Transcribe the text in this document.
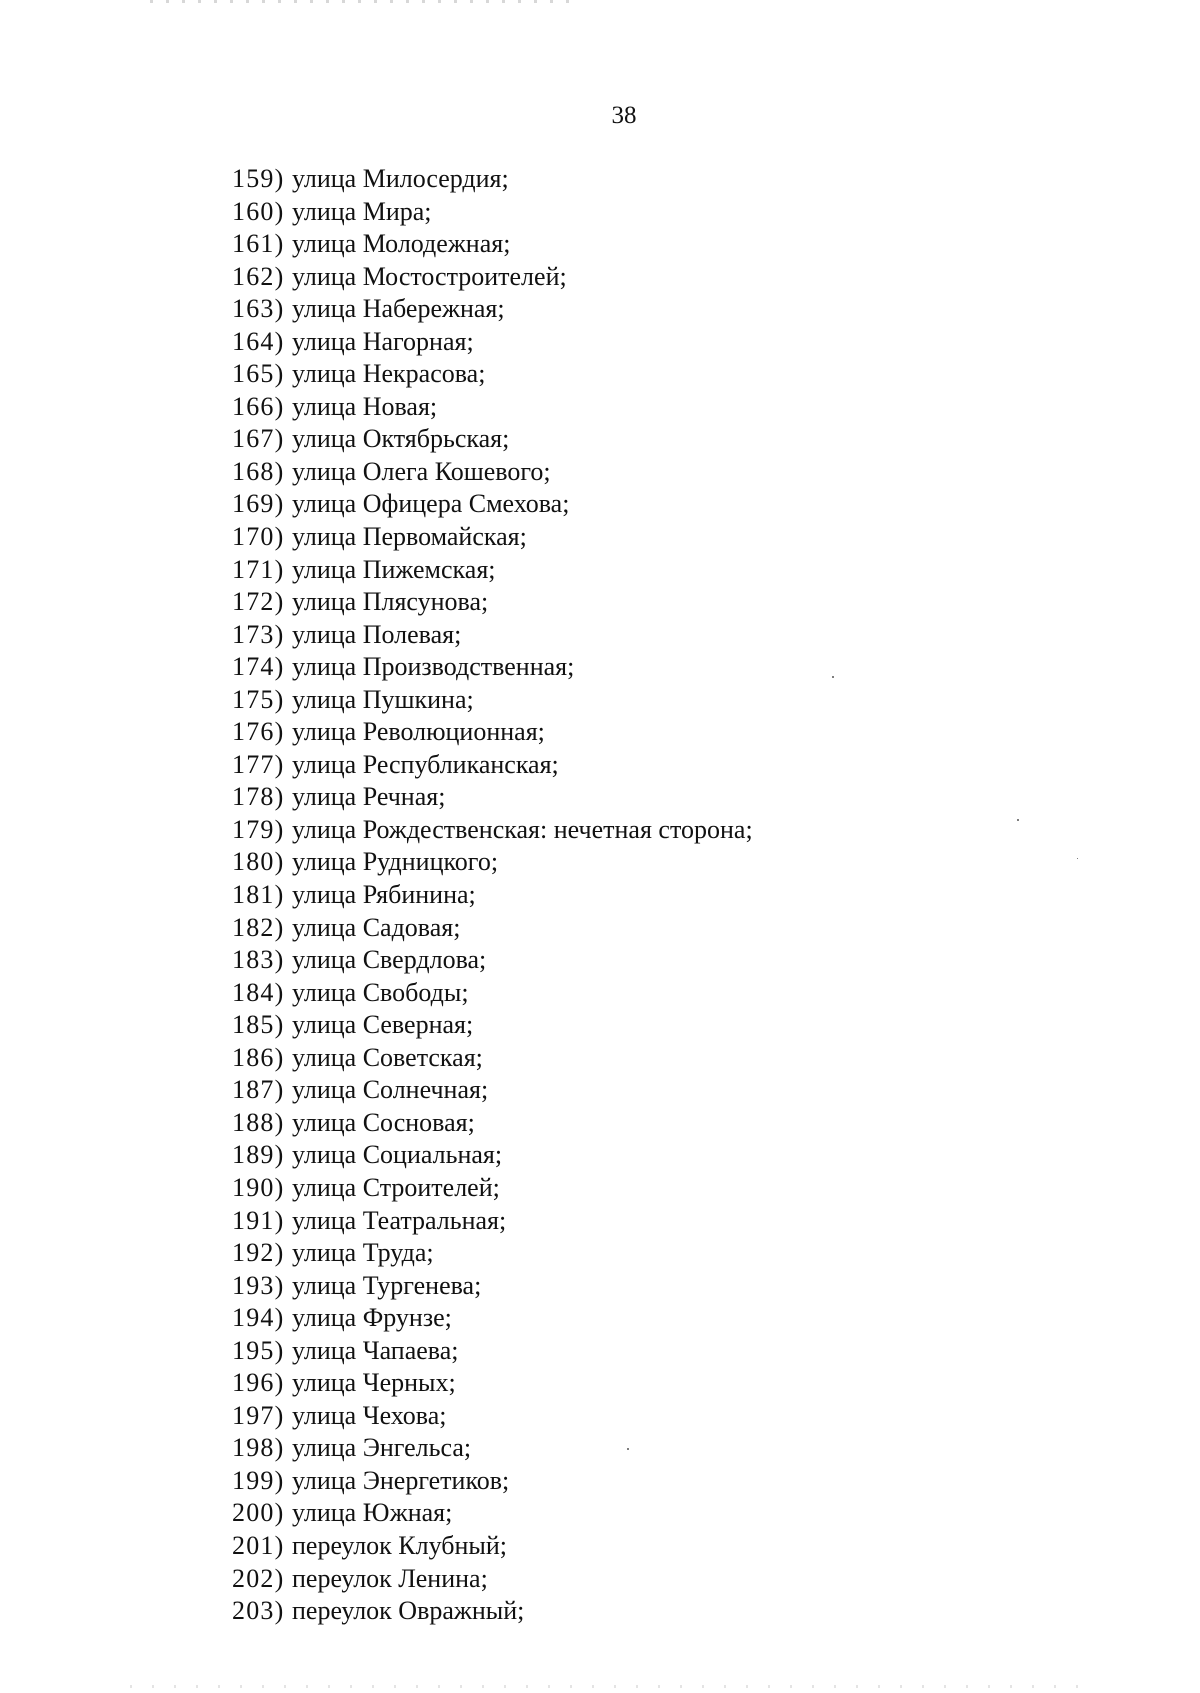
38
159) улица Милосердия;
160) улица Мира;
161) улица Молодежная;
162) улица Мостостроителей;
163) улица Набережная;
164) улица Нагорная;
165) улица Некрасова;
166) улица Новая;
167) улица Октябрьская;
168) улица Олега Кошевого;
169) улица Офицера Смехова;
170) улица Первомайская;
171) улица Пижемская;
172) улица Плясунова;
173) улица Полевая;
174) улица Производственная;
175) улица Пушкина;
176) улица Революционная;
177) улица Республиканская;
178) улица Речная;
179) улица Рождественская: нечетная сторона;
180) улица Рудницкого;
181) улица Рябинина;
182) улица Садовая;
183) улица Свердлова;
184) улица Свободы;
185) улица Северная;
186) улица Советская;
187) улица Солнечная;
188) улица Сосновая;
189) улица Социальная;
190) улица Строителей;
191) улица Театральная;
192) улица Труда;
193) улица Тургенева;
194) улица Фрунзе;
195) улица Чапаева;
196) улица Черных;
197) улица Чехова;
198) улица Энгельса;
199) улица Энергетиков;
200) улица Южная;
201) переулок Клубный;
202) переулок Ленина;
203) переулок Овражный;
